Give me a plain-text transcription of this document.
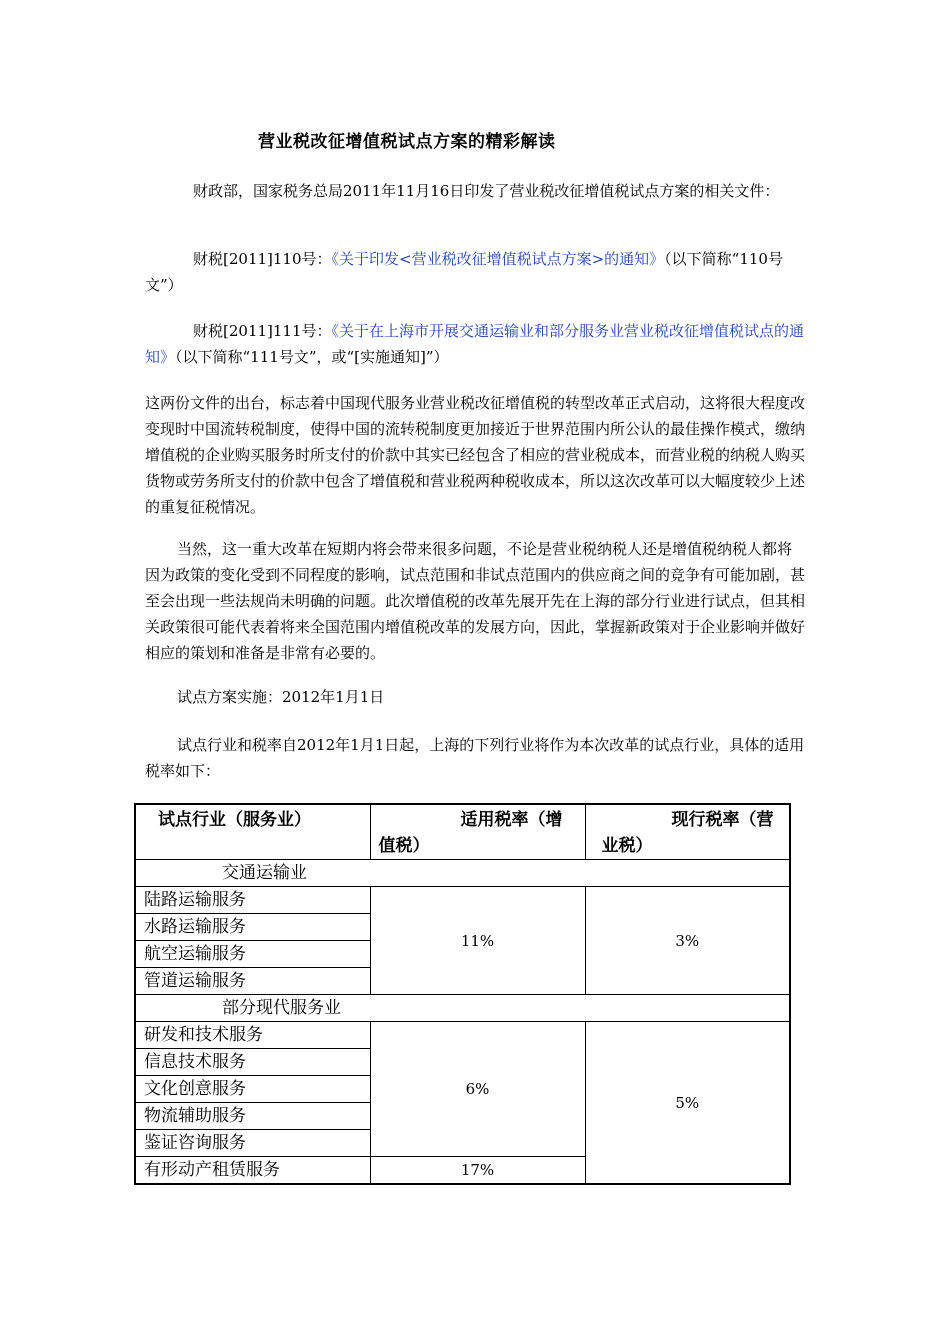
营业税改征增值税试点方案的精彩解读

财政部，国家税务总局2011年11月16日印发了营业税改征增值税试点方案的相关文件：

财税[2011]110号：《关于印发<营业税改征增值税试点方案>的通知》（以下简称“110号文”）

财税[2011]111号：《关于在上海市开展交通运输业和部分服务业营业税改征增值税试点的通知》（以下简称“111号文”，或“[实施通知]”）

这两份文件的出台，标志着中国现代服务业营业税改征增值税的转型改革正式启动，这将很大程度改变现时中国流转税制度，使得中国的流转税制度更加接近于世界范围内所公认的最佳操作模式，缴纳增值税的企业购买服务时所支付的价款中其实已经包含了相应的营业税成本，而营业税的纳税人购买货物或劳务所支付的价款中包含了增值税和营业税两种税收成本，所以这次改革可以大幅度较少上述的重复征税情况。

当然，这一重大改革在短期内将会带来很多问题，不论是营业税纳税人还是增值税纳税人都将因为政策的变化受到不同程度的影响，试点范围和非试点范围内的供应商之间的竞争有可能加剧，甚至会出现一些法规尚未明确的问题。此次增值税的改革先展开先在上海的部分行业进行试点，但其相关政策很可能代表着将来全国范围内增值税改革的发展方向，因此，掌握新政策对于企业影响并做好相应的策划和准备是非常有必要的。

试点方案实施：2012年1月1日

试点行业和税率自2012年1月1日起，上海的下列行业将作为本次改革的试点行业，具体的适用税率如下：

试点行业（服务业）	适用税率（增值税）	现行税率（营业税）
交通运输业		
陆路运输服务	11%	3%
水路运输服务		
航空运输服务		
管道运输服务		
部分现代服务业		
研发和技术服务	6%	5%
信息技术服务		
文化创意服务		
物流辅助服务		
鉴证咨询服务		
有形动产租赁服务	17%	
